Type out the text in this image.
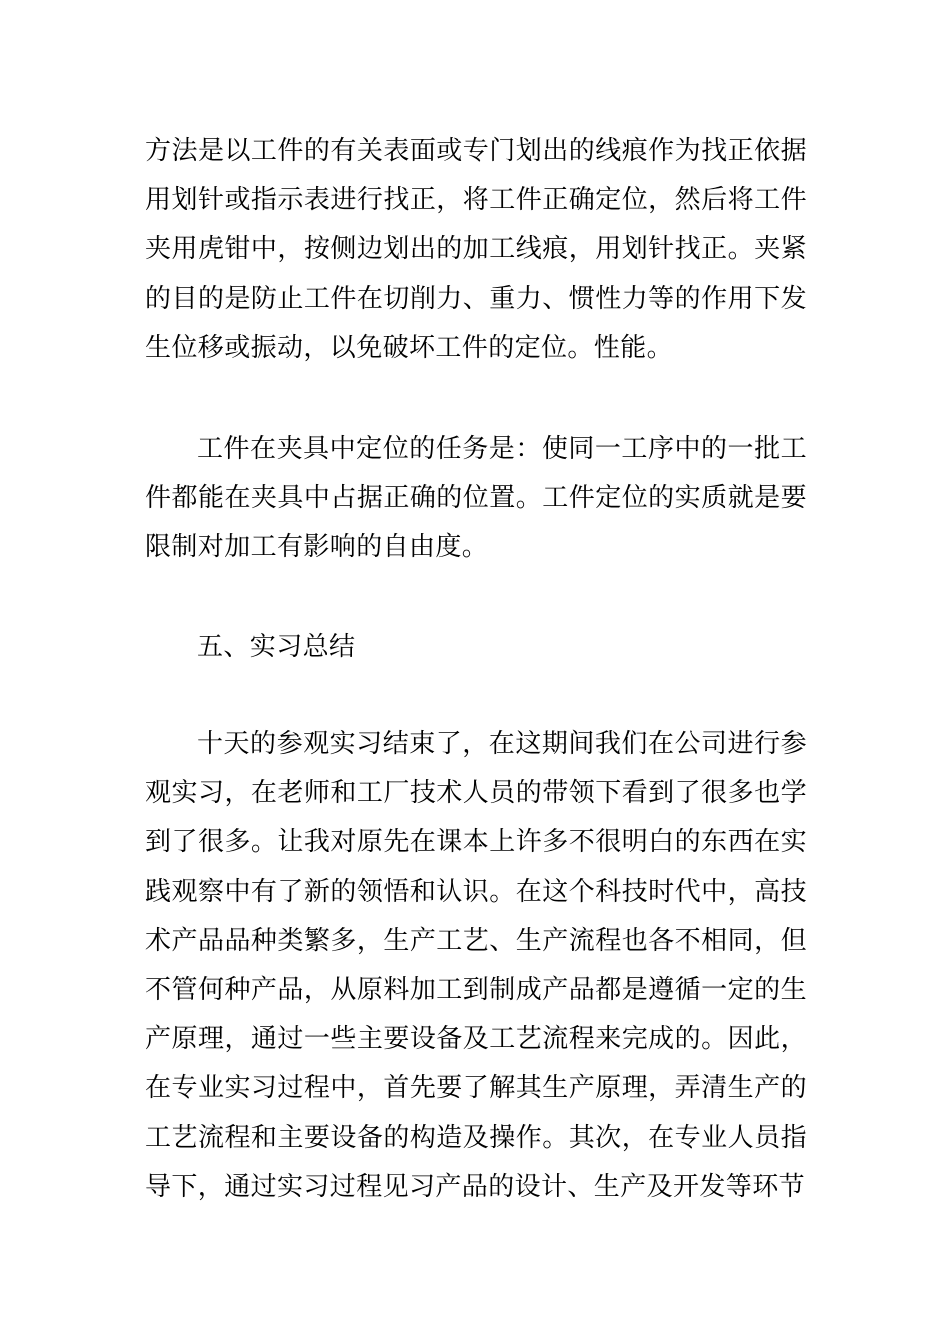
方法是以工件的有关表面或专门划出的线痕作为找正依据用划针或指示表进行找正，将工件正确定位，然后将工件夹用虎钳中，按侧边划出的加工线痕，用划针找正。夹紧的目的是防止工件在切削力、重力、惯性力等的作用下发生位移或振动，以免破坏工件的定位。性能。

工件在夹具中定位的任务是：使同一工序中的一批工件都能在夹具中占据正确的位置。工件定位的实质就是要限制对加工有影响的自由度。

五、实习总结

十天的参观实习结束了，在这期间我们在公司进行参观实习，在老师和工厂技术人员的带领下看到了很多也学到了很多。让我对原先在课本上许多不很明白的东西在实践观察中有了新的领悟和认识。在这个科技时代中，高技术产品品种类繁多，生产工艺、生产流程也各不相同，但不管何种产品，从原料加工到制成产品都是遵循一定的生产原理，通过一些主要设备及工艺流程来完成的。因此，在专业实习过程中，首先要了解其生产原理，弄清生产的工艺流程和主要设备的构造及操作。其次，在专业人员指导下，通过实习过程见习产品的设计、生产及开发等环节
